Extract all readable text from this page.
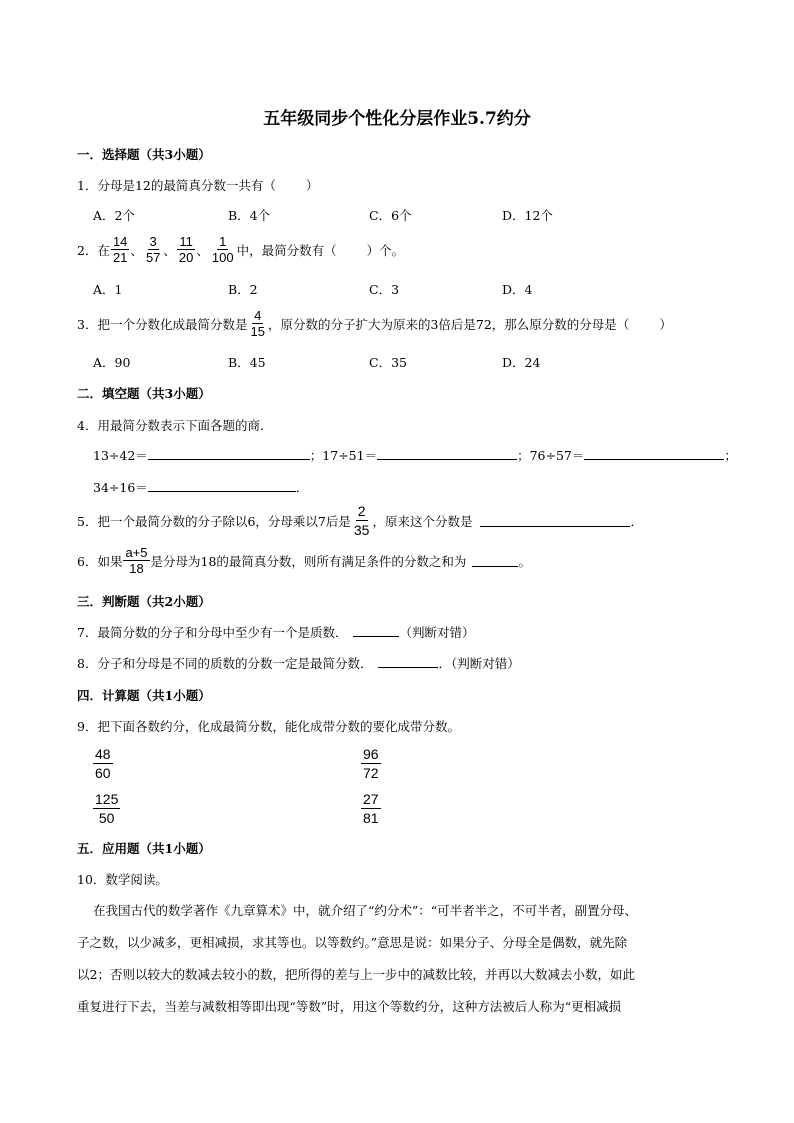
五年级同步个性化分层作业5.7约分
一．选择题（共3小题）
1．分母是12的最简真分数一共有（ ）
A．2个	B．4个	C．6个	D．12个
2．在 $\frac{14}{21}$ 、 $\frac{3}{57}$ 、 $\frac{11}{20}$ 、 $\frac{1}{100}$ 中，最简分数有（ ）个。
A．1	B．2	C．3	D．4
3．把一个分数化成最简分数是 $\frac{4}{15}$ ，原分数的分子扩大为原来的3倍后是72，那么原分数的分母是（ ）
A．90	B．45	C．35	D．24
二．填空题（共3小题）
4．用最简分数表示下面各题的商．
13÷42＝	；17÷51＝	；76÷57＝	；
34÷16＝	．
5．把一个最简分数的分子除以6，分母乘以7后是 $\frac{2}{35}$ ，原来这个分数是	．
6．如果 $\frac{a+5}{18}$ 是分母为18的最简真分数，则所有满足条件的分数之和为	。
三．判断题（共2小题）
7．最简分数的分子和分母中至少有一个是质数．	（判断对错）
8．分子和分母是不同的质数的分数一定是最简分数．	．（判断对错）
四．计算题（共1小题）
9．把下面各数约分，化成最简分数，能化成带分数的要化成带分数。
$\frac{48}{60}$	$\frac{96}{72}$
$\frac{125}{50}$	$\frac{27}{81}$
五．应用题（共1小题）
10．数学阅读。
在我国古代的数学著作《九章算术》中，就介绍了“约分术”：“可半者半之，不可半者，副置分母、
子之数，以少减多，更相减损，求其等也。以等数约。”意思是说：如果分子、分母全是偶数，就先除
以2；否则以较大的数减去较小的数，把所得的差与上一步中的减数比较，并再以大数减去小数，如此
重复进行下去，当差与减数相等即出现“等数”时，用这个等数约分，这种方法被后人称为“更相减损
